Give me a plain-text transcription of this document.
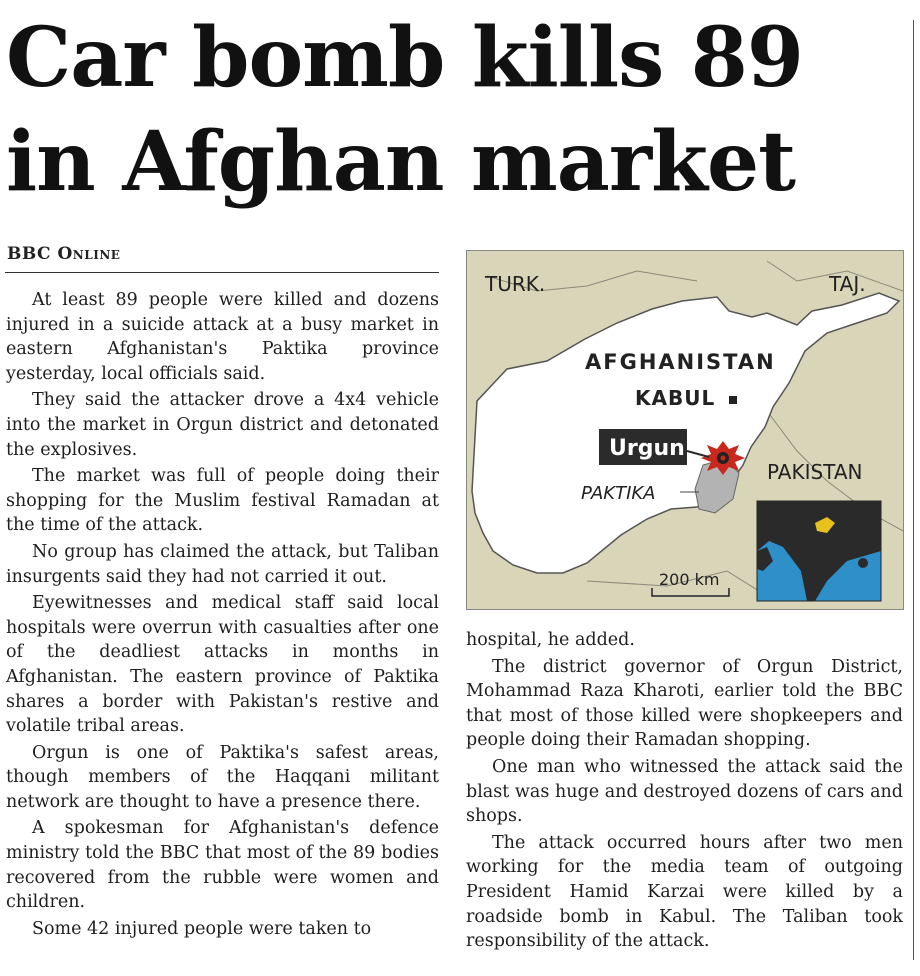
Car bomb kills 89
in Afghan market
BBC Online

At least 89 people were killed and dozens injured in a suicide attack at a busy market in eastern Afghanistan's Paktika province yesterday, local officials said.

They said the attacker drove a 4x4 vehicle into the market in Orgun district and detonated the explosives.

The market was full of people doing their shopping for the Muslim festival Ramadan at the time of the attack.

No group has claimed the attack, but Taliban insurgents said they had not carried it out.

Eyewitnesses and medical staff said local hospitals were overrun with casualties after one of the deadliest attacks in months in Afghanistan. The eastern province of Paktika shares a border with Pakistan's restive and volatile tribal areas.

Orgun is one of Paktika's safest areas, though members of the Haqqani militant network are thought to have a presence there.

A spokesman for Afghanistan's defence ministry told the BBC that most of the 89 bodies recovered from the rubble were women and children.

Some 42 injured people were taken to

TURK.	TAJ.
AFGHANISTAN
KABUL
Urgun
PAKTIKA
PAKISTAN
200 km

hospital, he added.

The district governor of Orgun District, Mohammad Raza Kharoti, earlier told the BBC that most of those killed were shopkeepers and people doing their Ramadan shopping.

One man who witnessed the attack said the blast was huge and destroyed dozens of cars and shops.

The attack occurred hours after two men working for the media team of outgoing President Hamid Karzai were killed by a roadside bomb in Kabul. The Taliban took responsibility of the attack.
